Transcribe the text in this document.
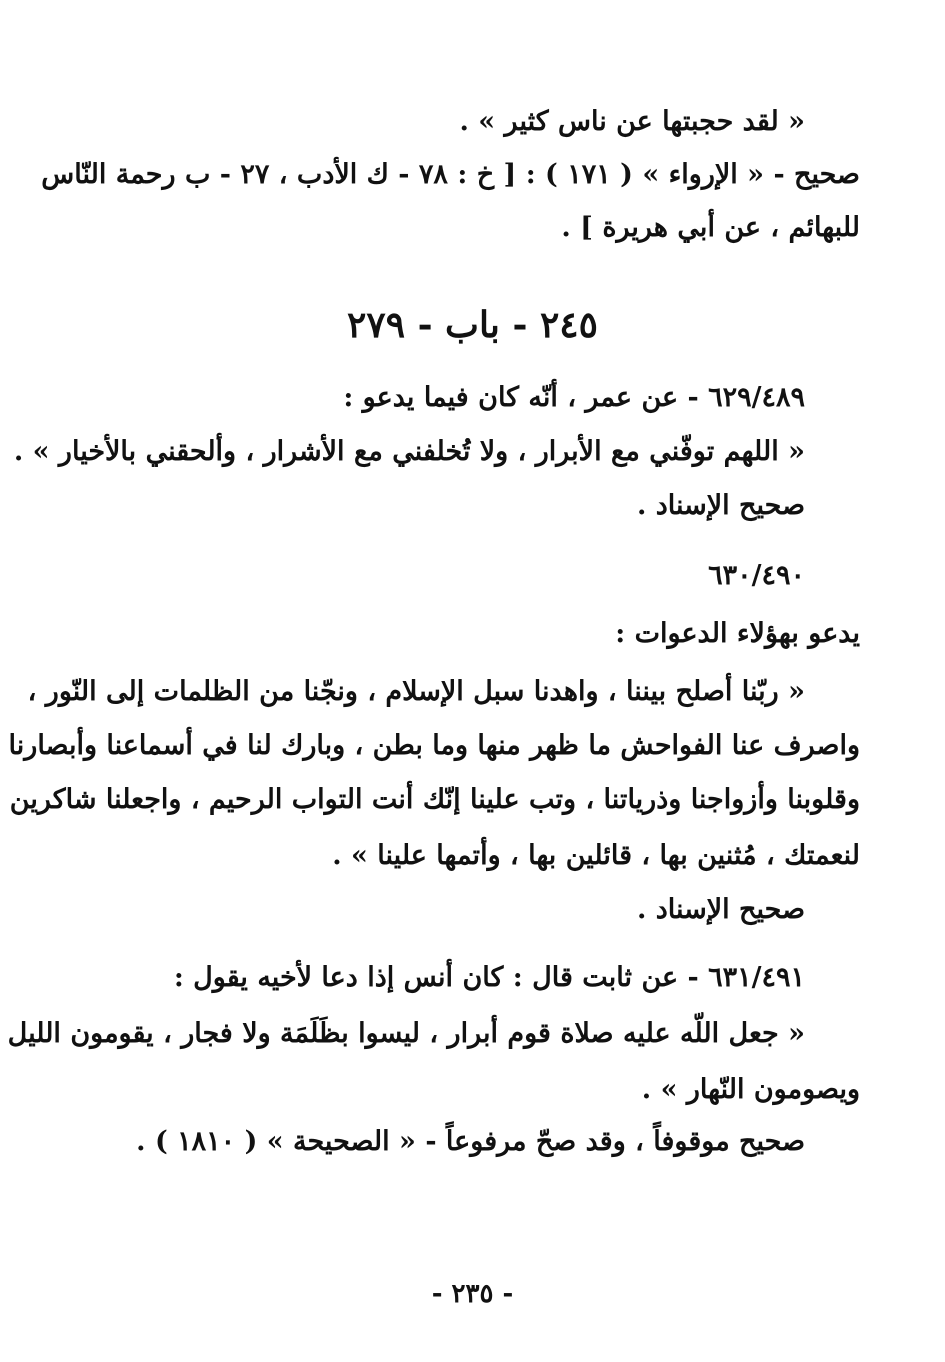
« لقد حجبتها عن ناس كثير » .
صحيح - « الإرواء » ( ١٧١ ) : [ خ : ٧٨ - ك الأدب ، ٢٧ - ب رحمة النّاس
للبهائم ، عن أبي هريرة ] .
٢٤٥ - باب - ٢٧٩
٦٢٩/٤٨٩ - عن عمر ، أنّه كان فيما يدعو :
« اللهم توفّني مع الأبرار ، ولا تُخلفني مع الأشرار ، وألحقني بالأخيار » .
صحيح الإسناد .
٦٣٠/٤٩٠
يدعو بهؤلاء الدعوات :
« ربّنا أصلح بيننا ، واهدنا سبل الإسلام ، ونجّنا من الظلمات إلى النّور ،
واصرف عنا الفواحش ما ظهر منها وما بطن ، وبارك لنا في أسماعنا وأبصارنا
وقلوبنا وأزواجنا وذرياتنا ، وتب علينا إنّك أنت التواب الرحيم ، واجعلنا شاكرين
لنعمتك ، مُثنين بها ، قائلين بها ، وأتمها علينا » .
صحيح الإسناد .
٦٣١/٤٩١ - عن ثابت قال : كان أنس إذا دعا لأخيه يقول :
« جعل اللّه عليه صلاة قوم أبرار ، ليسوا بظَلَمَة ولا فجار ، يقومون الليل
ويصومون النّهار » .
صحيح موقوفاً ، وقد صحّ مرفوعاً - « الصحيحة » ( ١٨١٠ ) .
- ٢٣٥ -
